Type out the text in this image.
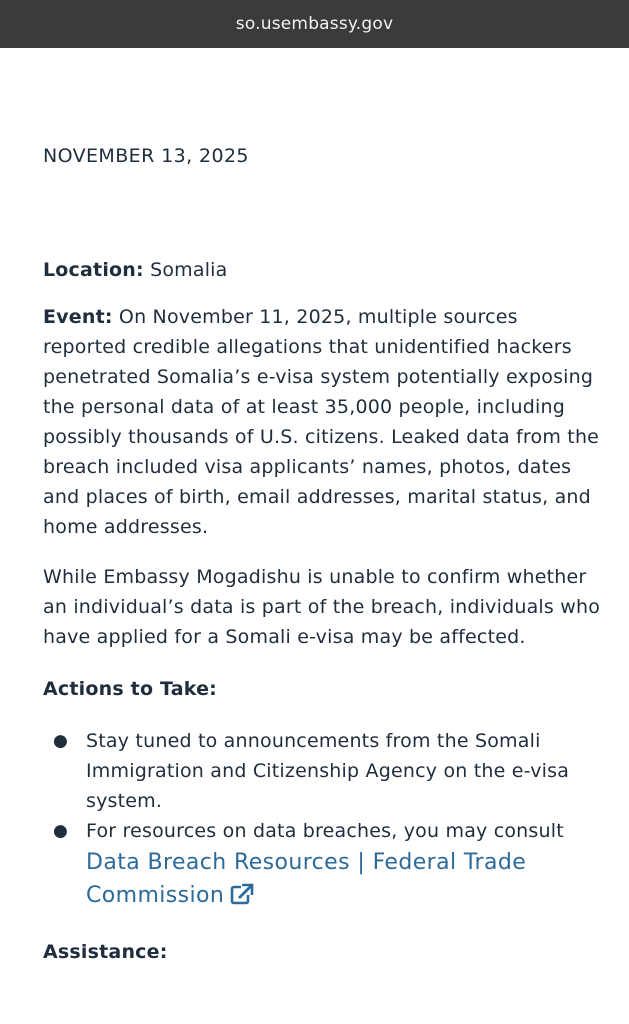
so.usembassy.gov

NOVEMBER 13, 2025

Location: Somalia

Event: On November 11, 2025, multiple sources reported credible allegations that unidentified hackers penetrated Somalia’s e-visa system potentially exposing the personal data of at least 35,000 people, including possibly thousands of U.S. citizens. Leaked data from the breach included visa applicants’ names, photos, dates and places of birth, email addresses, marital status, and home addresses.

While Embassy Mogadishu is unable to confirm whether an individual’s data is part of the breach, individuals who have applied for a Somali e-visa may be affected.

Actions to Take:

● Stay tuned to announcements from the Somali Immigration and Citizenship Agency on the e-visa system.
● For resources on data breaches, you may consult Data Breach Resources | Federal Trade Commission

Assistance:
